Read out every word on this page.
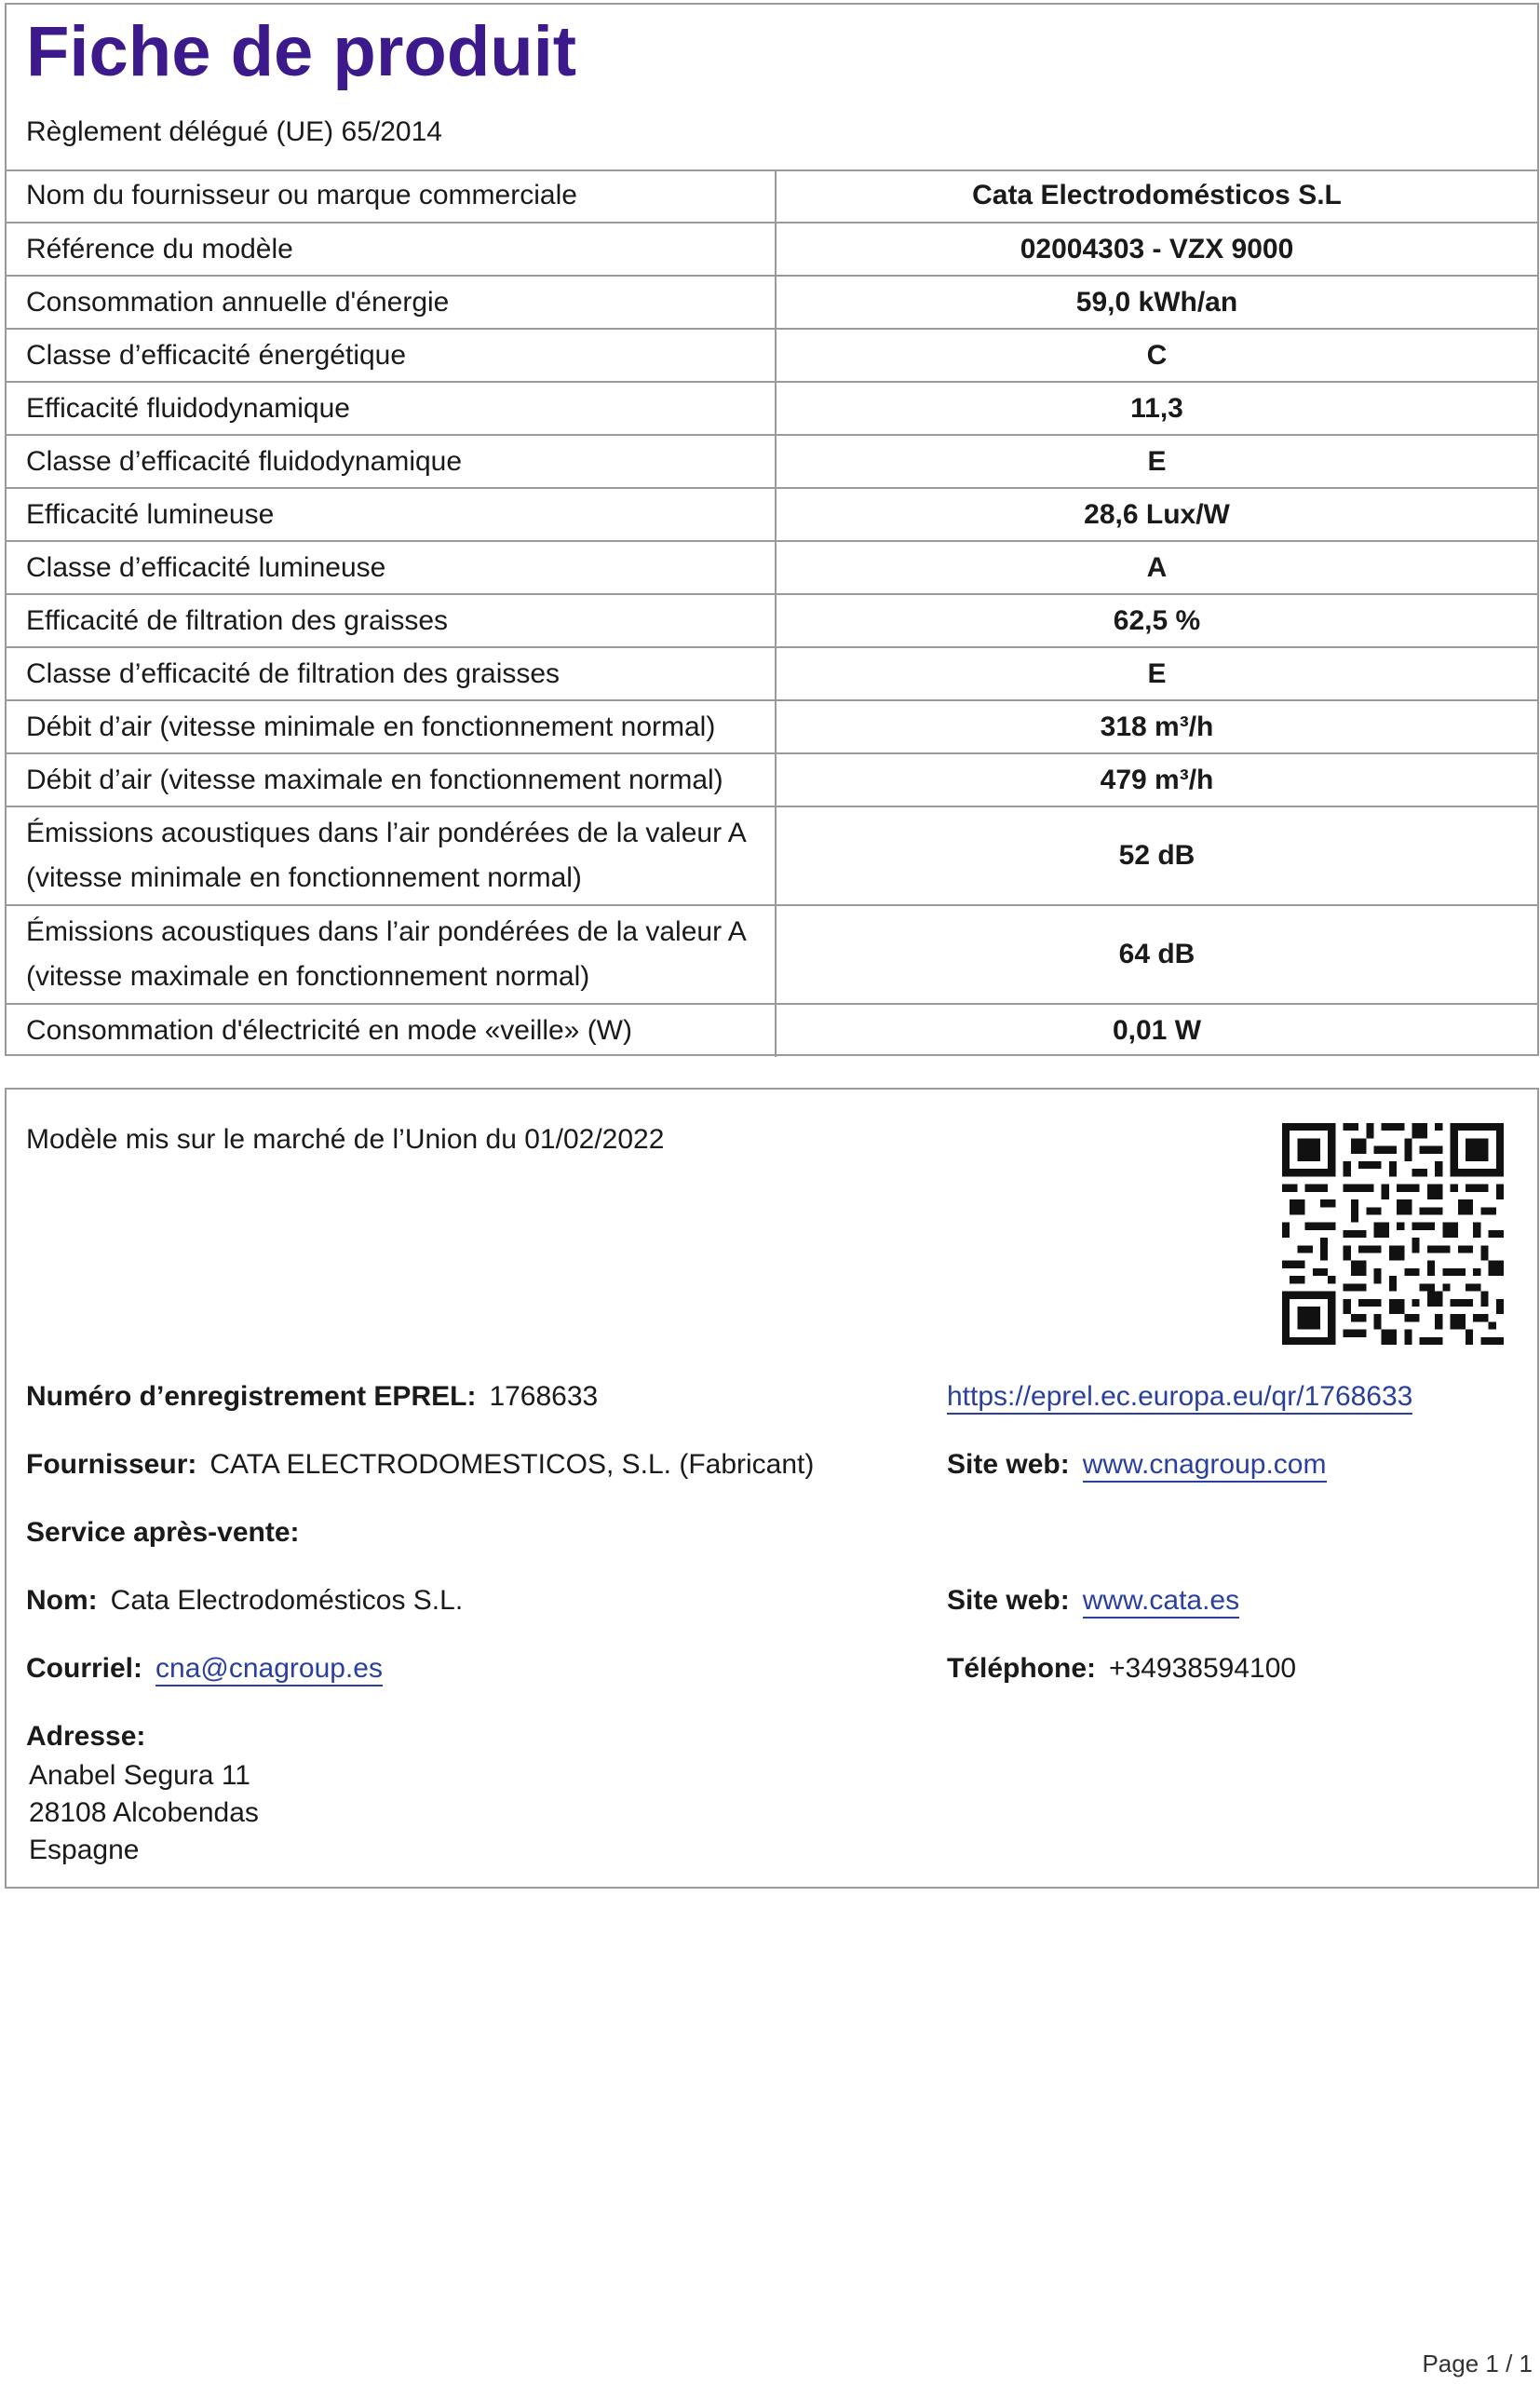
Fiche de produit
Règlement délégué (UE) 65/2014
Nom du fournisseur ou marque commerciale	Cata Electrodomésticos S.L
Référence du modèle	02004303 - VZX 9000
Consommation annuelle d'énergie	59,0 kWh/an
Classe d’efficacité énergétique	C
Efficacité fluidodynamique	11,3
Classe d’efficacité fluidodynamique	E
Efficacité lumineuse	28,6 Lux/W
Classe d’efficacité lumineuse	A
Efficacité de filtration des graisses	62,5 %
Classe d’efficacité de filtration des graisses	E
Débit d’air (vitesse minimale en fonctionnement normal)	318 m³/h
Débit d’air (vitesse maximale en fonctionnement normal)	479 m³/h

Émissions acoustiques dans l’air pondérées de la valeur A
(vitesse minimale en fonctionnement normal)	52 dB

Émissions acoustiques dans l’air pondérées de la valeur A
(vitesse maximale en fonctionnement normal)	64 dB
Consommation d'électricité en mode «veille» (W)	0,01 W
Modèle mis sur le marché de l’Union du 01/02/2022
Numéro d’enregistrement EPREL: 1768633	https://eprel.ec.europa.eu/qr/1768633
Fournisseur: CATA ELECTRODOMESTICOS, S.L. (Fabricant)	Site web: www.cnagroup.com
Service après-vente:
Nom: Cata Electrodomésticos S.L.	Site web: www.cata.es
Courriel: cna@cnagroup.es	Téléphone: +34938594100
Adresse:
Anabel Segura 11
28108 Alcobendas
Espagne
Page 1 / 1
